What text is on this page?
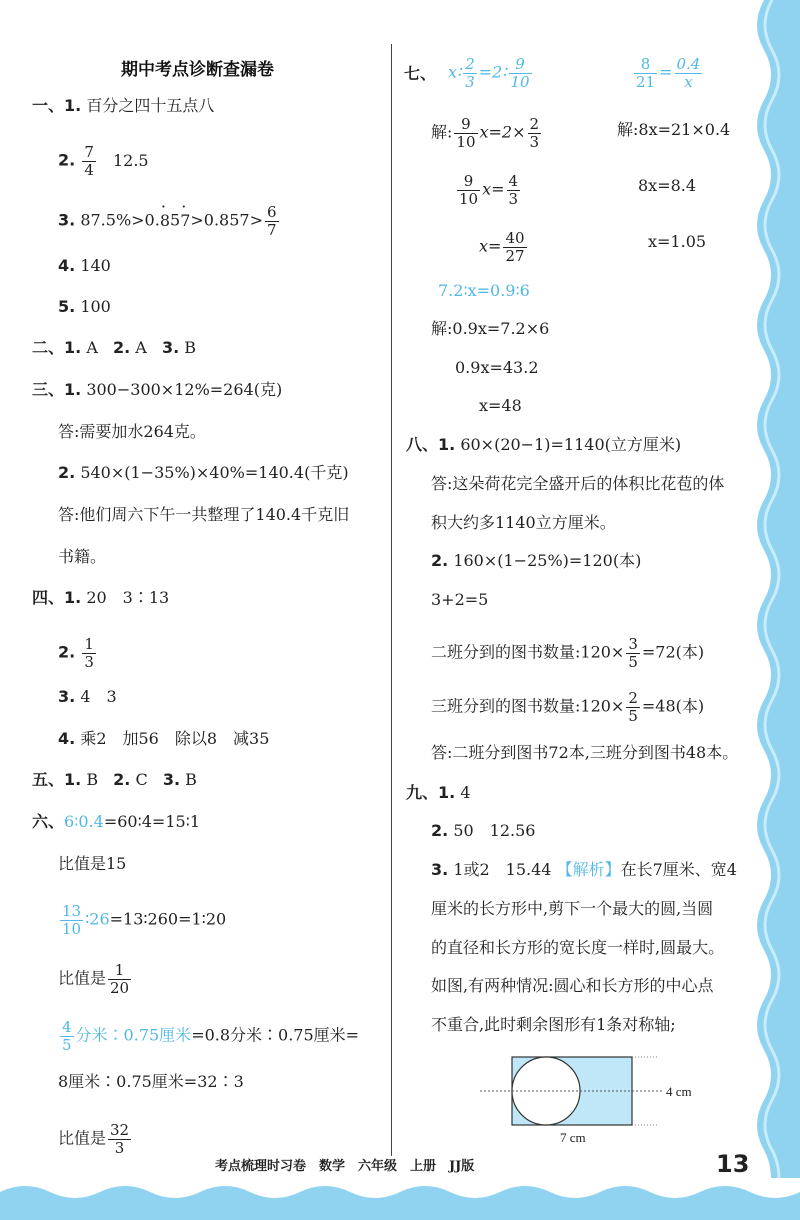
期中考点诊断查漏卷
一、1. 百分之四十五点八
2. $\frac{7}{4} 12.5$
3. $87.5\%>0.\cdot 85\cdot 7>0.857> \frac{6}{7}$
4. 140
5. 100
二、1. A 2. A 3. B
三、1. 300−300×12%=264(克)
答:需要加水264克。
2. 540×(1−35%)×40%=140.4(千克)
答:他们周六下午一共整理了140.4千克旧
书籍。
四、1. 20　3∶13
2. $\frac{1}{3}$
3. 4　3
4. 乘2　加56　除以8　减35
五、1. B 2. C 3. B
六、6∶0.4=60∶4=15∶1
比值是15
$\frac{13}{10}$ ∶26=13∶260=1∶20
比值是 $\frac{1}{20}$
$\frac{4}{5}$ 分米∶0.75厘米=0.8分米∶0.75厘米=
8厘米∶0.75厘米=32∶3
比值是 $\frac{32}{3}$
七、 x∶ $\frac{2}{3}$ =2∶ $\frac{9}{10}$	$\frac{8}{21} = \frac{0.4}{x}$
解: $\frac{9}{10} x=2\times \frac{2}{3}$
$\frac{9}{10} x= \frac{4}{3}$
$x= \frac{40}{27}$
解:8x=21×0.4
8x=8.4
x=1.05
7.2∶x=0.9∶6
解:0.9x=7.2×6
0.9x=43.2
x=48
八、1. 60×(20−1)=1140(立方厘米)
答:这朵荷花完全盛开后的体积比花苞的体
积大约多1140立方厘米。
2. 160×(1−25%)=120(本)
3+2=5
二班分到的图书数量:120× $\frac{3}{5} =72$(本)
三班分到的图书数量:120× $\frac{2}{5} =48$(本)
答:二班分到图书72本,三班分到图书48本。
九、1. 4
2. 50　12.56
3. 1或2　15.44 【解析】在长7厘米、宽4
厘米的长方形中,剪下一个最大的圆,当圆
的直径和长方形的宽长度一样时,圆最大。
如图,有两种情况:圆心和长方形的中心点
不重合,此时剩余图形有1条对称轴;
4 cm
7 cm
考点梳理时习卷　数学　六年级　上册　JJ版	13
